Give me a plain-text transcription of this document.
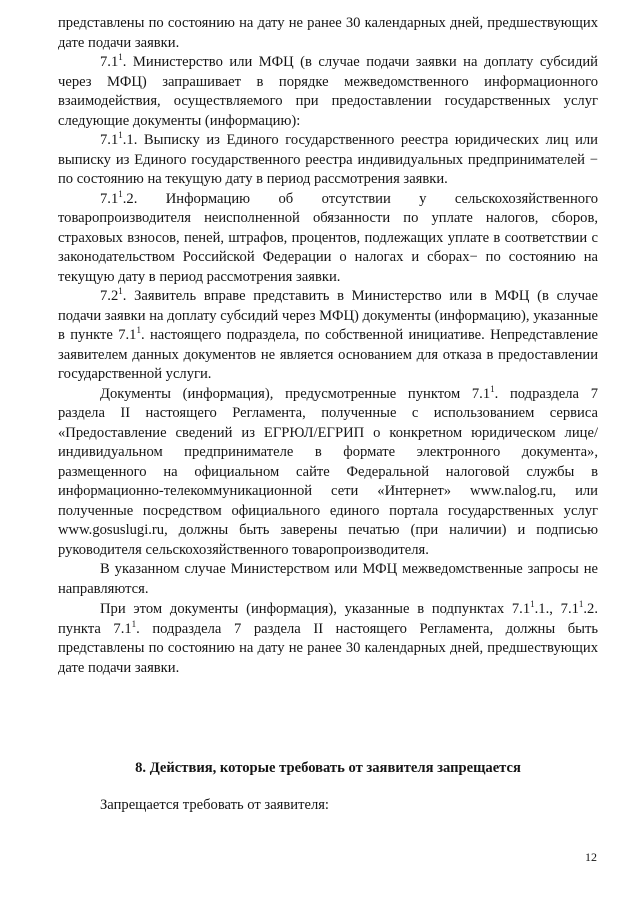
представлены по состоянию на дату не ранее 30 календарных дней, предшествующих дате подачи заявки.

$7.1^1$. Министерство или МФЦ (в случае подачи заявки на доплату субсидий через МФЦ) запрашивает в порядке межведомственного информационного взаимодействия, осуществляемого при предоставлении государственных услуг следующие документы (информацию):

$7.1^1.1$. Выписку из Единого государственного реестра юридических лиц или выписку из Единого государственного реестра индивидуальных предпринимателей − по состоянию на текущую дату в период рассмотрения заявки.

$7.1^1.2$. Информацию об отсутствии у сельскохозяйственного товаропроизводителя неисполненной обязанности по уплате налогов, сборов, страховых взносов, пеней, штрафов, процентов, подлежащих уплате в соответствии с законодательством Российской Федерации о налогах и сборах− по состоянию на текущую дату в период рассмотрения заявки.

$7.2^1$. Заявитель вправе представить в Министерство или в МФЦ (в случае подачи заявки на доплату субсидий через МФЦ) документы (информацию), указанные в пункте $7.1^1$. настоящего подраздела, по собственной инициативе. Непредставление заявителем данных документов не является основанием для отказа в предоставлении государственной услуги.

Документы (информация), предусмотренные пунктом $7.1^1$. подраздела 7 раздела II настоящего Регламента, полученные с использованием сервиса «Предоставление сведений из ЕГРЮЛ/ЕГРИП о конкретном юридическом лице/индивидуальном предпринимателе в формате электронного документа», размещенного на официальном сайте Федеральной налоговой службы в информационно-телекоммуникационной сети «Интернет» www.nalog.ru, или полученные посредством официального единого портала государственных услуг www.gosuslugi.ru, должны быть заверены печатью (при наличии) и подписью руководителя сельскохозяйственного товаропроизводителя.

В указанном случае Министерством или МФЦ межведомственные запросы не направляются.

При этом документы (информация), указанные в подпунктах $7.1^1.1$., $7.1^1.2$. пункта $7.1^1$. подраздела 7 раздела II настоящего Регламента, должны быть представлены по состоянию на дату не ранее 30 календарных дней, предшествующих дате подачи заявки.

8. Действия, которые требовать от заявителя запрещается
Запрещается требовать от заявителя:
12
